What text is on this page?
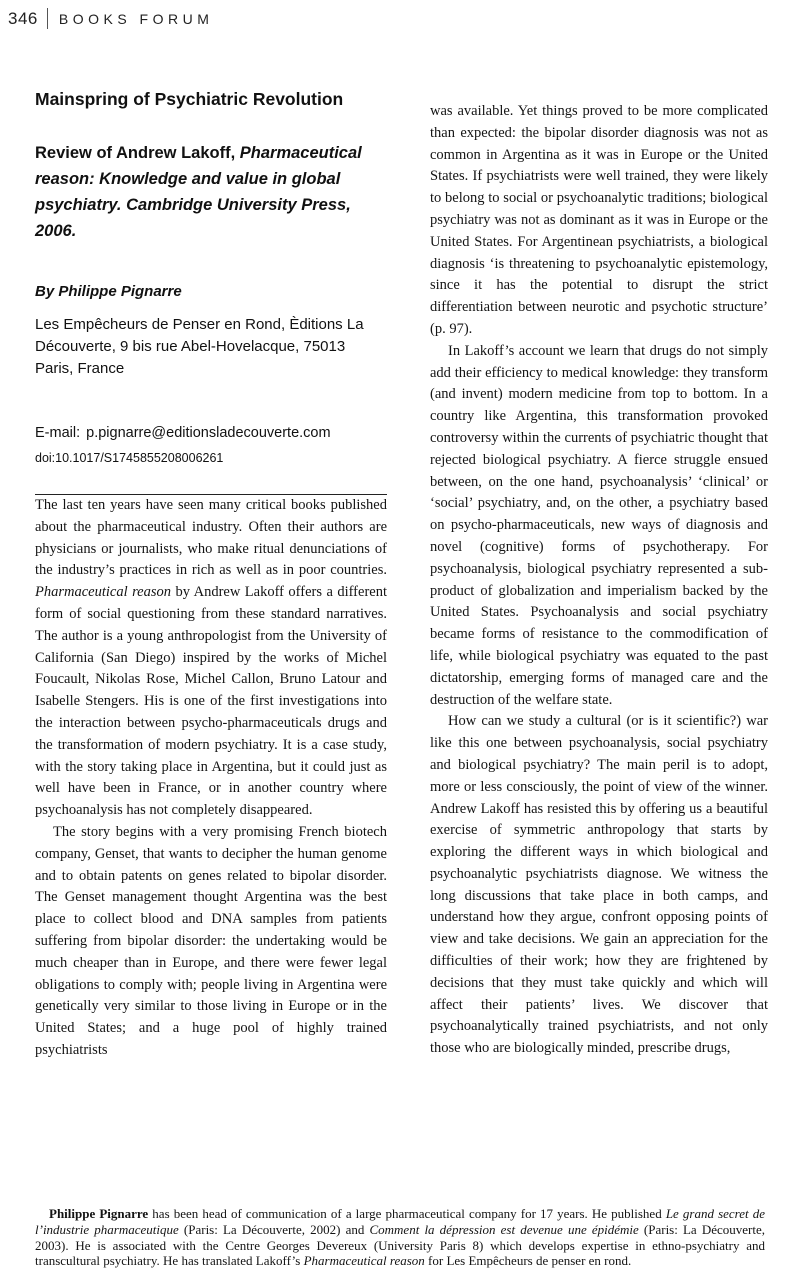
346 BOOKS FORUM
Mainspring of Psychiatric Revolution
Review of Andrew Lakoff, Pharmaceutical reason: Knowledge and value in global psychiatry. Cambridge University Press, 2006.

By Philippe Pignarre

Les Empêcheurs de Penser en Rond, Èditions La Découverte, 9 bis rue Abel-Hovelacque, 75013 Paris, France

E-mail: p.pignarre@editionsladecouverte.com

doi:10.1017/S1745855208006261

The last ten years have seen many critical books published about the pharmaceutical industry. Often their authors are physicians or journalists, who make ritual denunciations of the industry’s practices in rich as well as in poor countries. Pharmaceutical reason by Andrew Lakoff offers a different form of social questioning from these standard narratives. The author is a young anthropologist from the University of California (San Diego) inspired by the works of Michel Foucault, Nikolas Rose, Michel Callon, Bruno Latour and Isabelle Stengers. His is one of the first investigations into the interaction between psycho-pharmaceuticals drugs and the transformation of modern psychiatry. It is a case study, with the story taking place in Argentina, but it could just as well have been in France, or in another country where psychoanalysis has not completely disappeared.

The story begins with a very promising French biotech company, Genset, that wants to decipher the human genome and to obtain patents on genes related to bipolar disorder. The Genset management thought Argentina was the best place to collect blood and DNA samples from patients suffering from bipolar disorder: the undertaking would be much cheaper than in Europe, and there were fewer legal obligations to comply with; people living in Argentina were genetically very similar to those living in Europe or in the United States; and a huge pool of highly trained psychiatrists

was available. Yet things proved to be more complicated than expected: the bipolar disorder diagnosis was not as common in Argentina as it was in Europe or the United States. If psychiatrists were well trained, they were likely to belong to social or psychoanalytic traditions; biological psychiatry was not as dominant as it was in Europe or the United States. For Argentinean psychiatrists, a biological diagnosis ‘is threatening to psychoanalytic epistemology, since it has the potential to disrupt the strict differentiation between neurotic and psychotic structure’ (p. 97).

In Lakoff’s account we learn that drugs do not simply add their efficiency to medical knowledge: they transform (and invent) modern medicine from top to bottom. In a country like Argentina, this transformation provoked controversy within the currents of psychiatric thought that rejected biological psychiatry. A fierce struggle ensued between, on the one hand, psychoanalysis’ ‘clinical’ or ‘social’ psychiatry, and, on the other, a psychiatry based on psycho-pharmaceuticals, new ways of diagnosis and novel (cognitive) forms of psychotherapy. For psychoanalysis, biological psychiatry represented a sub-product of globalization and imperialism backed by the United States. Psychoanalysis and social psychiatry became forms of resistance to the commodification of life, while biological psychiatry was equated to the past dictatorship, emerging forms of managed care and the destruction of the welfare state.

How can we study a cultural (or is it scientific?) war like this one between psychoanalysis, social psychiatry and biological psychiatry? The main peril is to adopt, more or less consciously, the point of view of the winner. Andrew Lakoff has resisted this by offering us a beautiful exercise of symmetric anthropology that starts by exploring the different ways in which biological and psychoanalytic psychiatrists diagnose. We witness the long discussions that take place in both camps, and understand how they argue, confront opposing points of view and take decisions. We gain an appreciation for the difficulties of their work; how they are frightened by decisions that they must take quickly and which will affect their patients’ lives. We discover that psychoanalytically trained psychiatrists, and not only those who are biologically minded, prescribe drugs,

Philippe Pignarre has been head of communication of a large pharmaceutical company for 17 years. He published Le grand secret de l’industrie pharmaceutique (Paris: La Découverte, 2002) and Comment la dépression est devenue une épidémie (Paris: La Découverte, 2003). He is associated with the Centre Georges Devereux (University Paris 8) which develops expertise in ethno-psychiatry and transcultural psychiatry. He has translated Lakoff’s Pharmaceutical reason for Les Empêcheurs de penser en rond.
